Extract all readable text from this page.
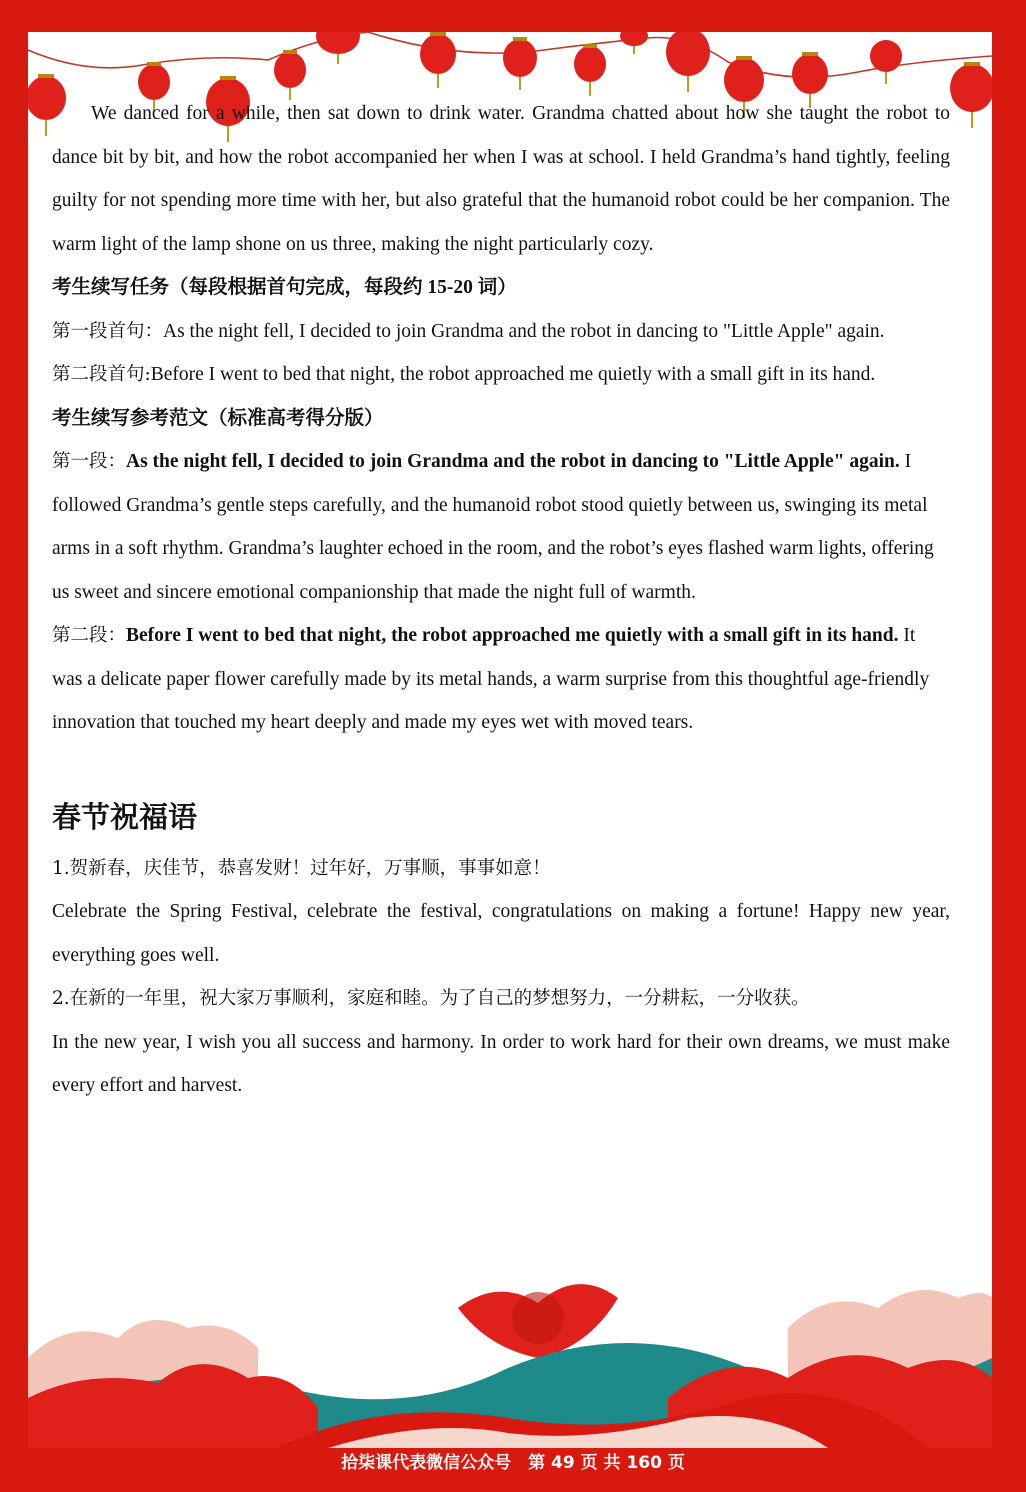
We danced for a while, then sat down to drink water. Grandma chatted about how she taught the robot to dance bit by bit, and how the robot accompanied her when I was at school. I held Grandma’s hand tightly, feeling guilty for not spending more time with her, but also grateful that the humanoid robot could be her companion. The warm light of the lamp shone on us three, making the night particularly cozy.

考生续写任务（每段根据首句完成，每段约 15-20 词）

第一段首句：As the night fell, I decided to join Grandma and the robot in dancing to "Little Apple" again.

第二段首句:Before I went to bed that night, the robot approached me quietly with a small gift in its hand.

考生续写参考范文（标准高考得分版）

第一段：As the night fell, I decided to join Grandma and the robot in dancing to "Little Apple" again. I followed Grandma’s gentle steps carefully, and the humanoid robot stood quietly between us, swinging its metal arms in a soft rhythm. Grandma’s laughter echoed in the room, and the robot’s eyes flashed warm lights, offering us sweet and sincere emotional companionship that made the night full of warmth.

第二段：Before I went to bed that night, the robot approached me quietly with a small gift in its hand. It was a delicate paper flower carefully made by its metal hands, a warm surprise from this thoughtful age-friendly innovation that touched my heart deeply and made my eyes wet with moved tears.

春节祝福语

1.贺新春，庆佳节，恭喜发财！过年好，万事顺，事事如意！

Celebrate the Spring Festival, celebrate the festival, congratulations on making a fortune! Happy new year, everything goes well.

2.在新的一年里，祝大家万事顺利，家庭和睦。为了自己的梦想努力，一分耕耘，一分收获。

In the new year, I wish you all success and harmony. In order to work hard for their own dreams, we must make every effort and harvest.

拾柒课代表微信公众号　第 49 页 共 160 页
